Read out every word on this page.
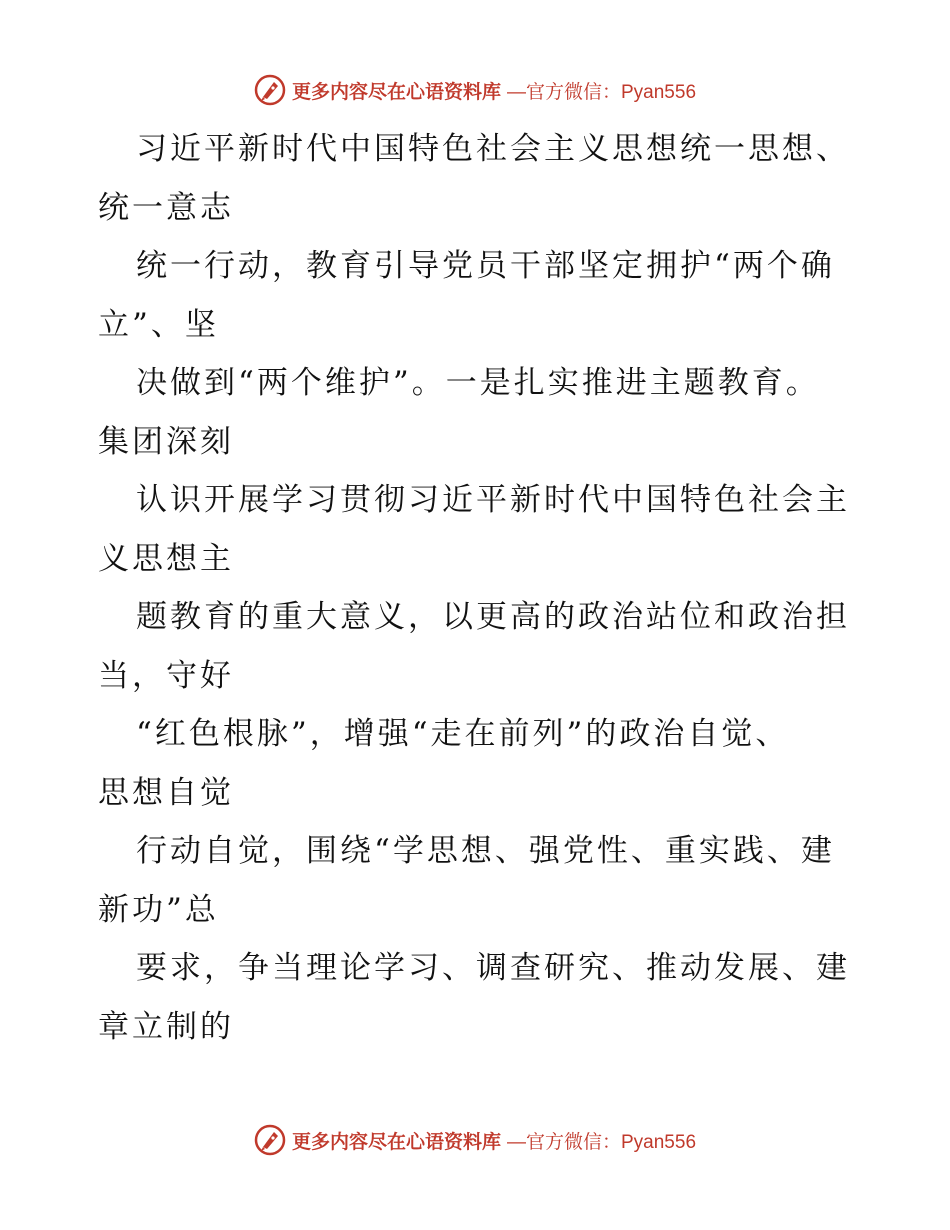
更多内容尽在心语资料库 —官方微信：Pyan556
习近平新时代中国特色社会主义思想统一思想、
统一意志
统一行动，教育引导党员干部坚定拥护“两个确
立”、坚
决做到“两个维护”。一是扎实推进主题教育。
集团深刻
认识开展学习贯彻习近平新时代中国特色社会主
义思想主
题教育的重大意义，以更高的政治站位和政治担
当，守好
“红色根脉”，增强“走在前列”的政治自觉、
思想自觉
行动自觉，围绕“学思想、强党性、重实践、建
新功”总
要求，争当理论学习、调查研究、推动发展、建
章立制的
更多内容尽在心语资料库 —官方微信：Pyan556
